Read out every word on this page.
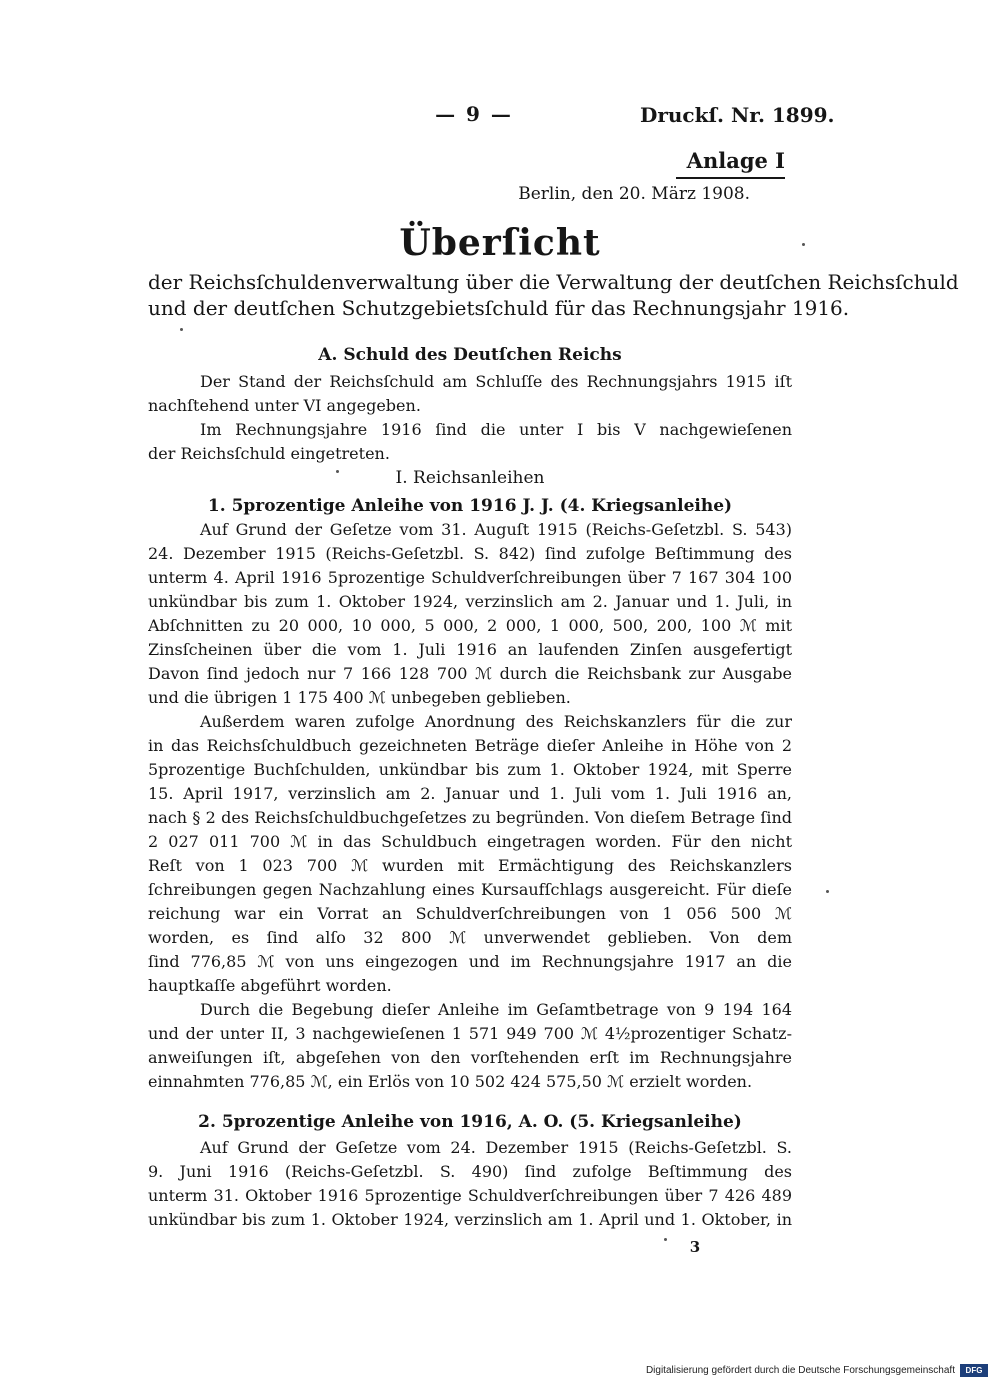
— 9 —	Druckſ. Nr. 1899.
Anlage I
Berlin, den 20. März 1908.
Überſicht
der Reichsſchuldenverwaltung über die Verwaltung der deutſchen Reichsſchuld
und der deutſchen Schutzgebietsſchuld für das Rechnungsjahr 1916.
A. Schuld des Deutſchen Reichs
Der Stand der Reichsſchuld am Schluſſe des Rechnungsjahrs 1915 iſt
nachſtehend unter VI angegeben.
Im Rechnungsjahre 1916 ſind die unter I bis V nachgewieſenen
der Reichsſchuld eingetreten.
I. Reichsanleihen
1. 5prozentige Anleihe von 1916 J. J. (4. Kriegsanleihe)
Auf Grund der Geſetze vom 31. Auguſt 1915 (Reichs-Geſetzbl. S. 543)
24. Dezember 1915 (Reichs-Geſetzbl. S. 842) ſind zufolge Beſtimmung des
unterm 4. April 1916 5prozentige Schuldverſchreibungen über 7 167 304 100
unkündbar bis zum 1. Oktober 1924, verzinslich am 2. Januar und 1. Juli, in
Abſchnitten zu 20 000, 10 000, 5 000, 2 000, 1 000, 500, 200, 100 ℳ mit
Zinsſcheinen über die vom 1. Juli 1916 an laufenden Zinſen ausgefertigt
Davon ſind jedoch nur 7 166 128 700 ℳ durch die Reichsbank zur Ausgabe
und die übrigen 1 175 400 ℳ unbegeben geblieben.
Außerdem waren zufolge Anordnung des Reichskanzlers für die zur
in das Reichsſchuldbuch gezeichneten Beträge dieſer Anleihe in Höhe von 2
5prozentige Buchſchulden, unkündbar bis zum 1. Oktober 1924, mit Sperre
15. April 1917, verzinslich am 2. Januar und 1. Juli vom 1. Juli 1916 an,
nach § 2 des Reichsſchuldbuchgeſetzes zu begründen. Von dieſem Betrage ſind
2 027 011 700 ℳ in das Schuldbuch eingetragen worden. Für den nicht
Reſt von 1 023 700 ℳ wurden mit Ermächtigung des Reichskanzlers
ſchreibungen gegen Nachzahlung eines Kursaufſchlags ausgereicht. Für dieſe
reichung war ein Vorrat an Schuldverſchreibungen von 1 056 500 ℳ
worden, es ſind alſo 32 800 ℳ unverwendet geblieben. Von dem
ſind 776,85 ℳ von uns eingezogen und im Rechnungsjahre 1917 an die
hauptkaſſe abgeführt worden.
Durch die Begebung dieſer Anleihe im Geſamtbetrage von 9 194 164
und der unter II, 3 nachgewieſenen 1 571 949 700 ℳ 4½prozentiger Schatz-
anweiſungen iſt, abgeſehen von den vorſtehenden erſt im Rechnungsjahre
einnahmten 776,85 ℳ, ein Erlös von 10 502 424 575,50 ℳ erzielt worden.
2. 5prozentige Anleihe von 1916, A. O. (5. Kriegsanleihe)
Auf Grund der Geſetze vom 24. Dezember 1915 (Reichs-Geſetzbl. S.
9. Juni 1916 (Reichs-Geſetzbl. S. 490) ſind zufolge Beſtimmung des
unterm 31. Oktober 1916 5prozentige Schuldverſchreibungen über 7 426 489
unkündbar bis zum 1. Oktober 1924, verzinslich am 1. April und 1. Oktober, in
3
Digitalisierung gefördert durch die Deutsche Forschungsgemeinschaft	DFG
